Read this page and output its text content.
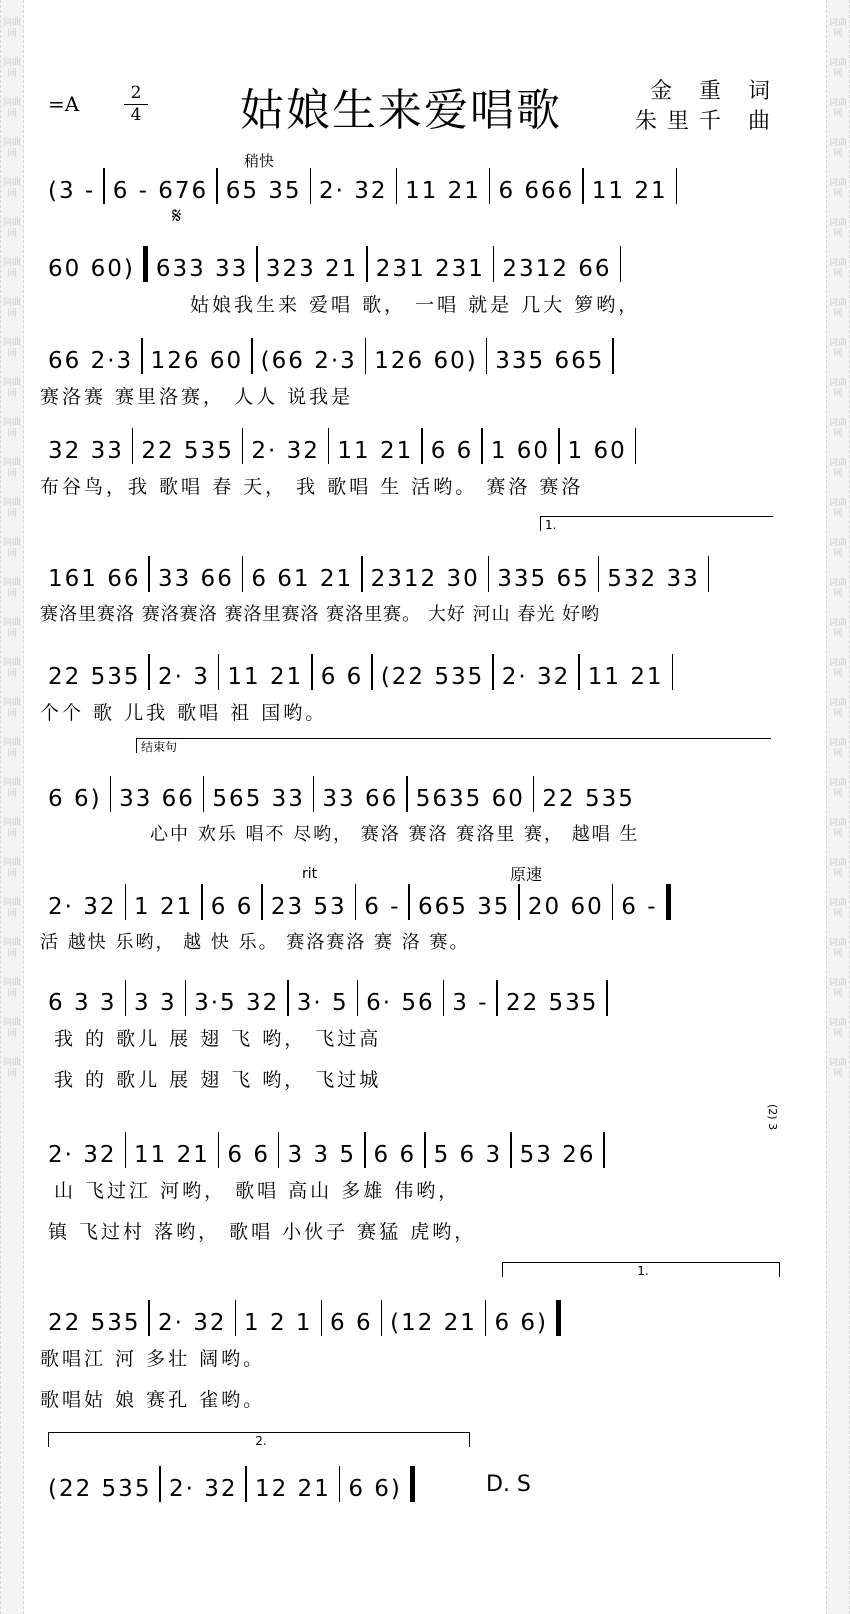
词曲网
词曲网
词曲网
词曲网
词曲网
词曲网
词曲网
词曲网
词曲网
词曲网
词曲网
词曲网
词曲网
词曲网
词曲网
词曲网
词曲网
词曲网
词曲网
词曲网
词曲网
词曲网
词曲网
词曲网
词曲网
词曲网
词曲网
词曲网
词曲网
词曲网
词曲网
词曲网
词曲网
词曲网
词曲网
词曲网
词曲网
词曲网
词曲网
词曲网
词曲网
词曲网
词曲网
词曲网
词曲网
词曲网
词曲网
词曲网
词曲网
词曲网
词曲网
词曲网
词曲网
词曲网
=A	2
4 姑娘生来爱唱歌	金 重 词
朱里千 曲
稍快
𝄋
(3 - 6 - 676 65 35 2· 32 11 21 6 666 11 21
60 60) 633 33 323 21 231 231 2312 66
姑娘我生来 爱唱 歌， 一唱 就是 几大 箩哟，
66 2·3 126 60 (66 2·3 126 60) 335 665
赛洛赛 赛里洛赛， 人人 说我是
32 33 22 535 2· 32 11 21 6 6 1 60 1 60
布谷鸟，我 歌唱 春 天， 我 歌唱 生 活哟。 赛洛 赛洛
1.
161 66 33 66 6 61 21 2312 30 335 65 532 33
赛洛里赛洛 赛洛赛洛 赛洛里赛洛 赛洛里赛。 大好 河山 春光 好哟
22 535 2· 3 11 21 6 6 (22 535 2· 32 11 21
个个 歌 儿我 歌唱 祖 国哟。
结束句
6 6) 33 66 565 33 33 66 5635 60 22 535
心中 欢乐 唱不 尽哟， 赛洛 赛洛 赛洛里 赛， 越唱 生
rit	原速
2· 32 1 21 6 6 23 53 6 - 665 35 20 60 6 -
活 越快 乐哟， 越 快 乐。 赛洛赛洛 赛 洛 赛。
6 3 3 3 3 3·5 32 3· 5 6· 56 3 - 22 535
我 的 歌儿 展 翅 飞 哟， 飞过高
我 的 歌儿 展 翅 飞 哟， 飞过城
(2) 3
2· 32 11 21 6 6 3 3 5 6 6 5 6 3 53 26
山 飞过江 河哟， 歌唱 高山 多雄 伟哟，
镇 飞过村 落哟， 歌唱 小伙子 赛猛 虎哟，
1.
22 535 2· 32 1 2 1 6 6 (12 21 6 6)
歌唱江 河 多壮 阔哟。
歌唱姑 娘 赛孔 雀哟。
2.
(22 535 2· 32 12 21 6 6)	D. S
